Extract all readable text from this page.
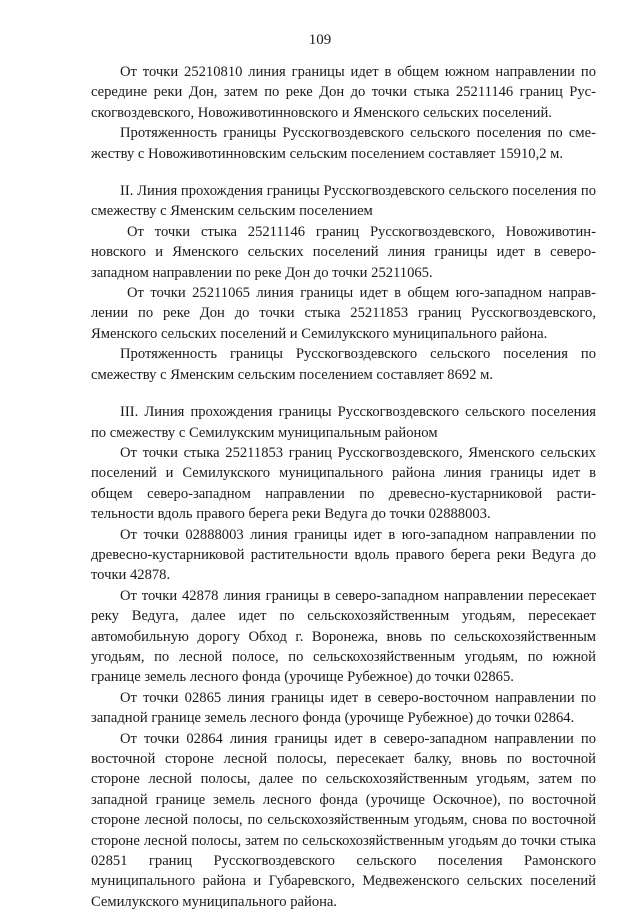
109

От точки 25210810 линия границы идет в общем южном направлении по середине реки Дон, затем по реке Дон до точки стыка 25211146 границ Русскогвоздевского, Новоживотинновского и Яменского сельских поселений.

Протяженность границы Русскогвоздевского сельского поселения по смежеству с Новоживотинновским сельским поселением составляет 15910,2 м.

II. Линия прохождения границы Русскогвоздевского сельского поселения по смежеству с Яменским сельским поселением

От точки стыка 25211146 границ Русскогвоздевского, Новоживотинновского и Яменского сельских поселений линия границы идет в северозападном направлении по реке Дон до точки 25211065.

От точки 25211065 линия границы идет в общем юго-западном направлении по реке Дон до точки стыка 25211853 границ Русскогвоздевского, Яменского сельских поселений и Семилукского муниципального района.

Протяженность границы Русскогвоздевского сельского поселения по смежеству с Яменским сельским поселением составляет 8692 м.

III. Линия прохождения границы Русскогвоздевского сельского поселения по смежеству с Семилукским муниципальным районом

От точки стыка 25211853 границ Русскогвоздевского, Яменского сельских поселений и Семилукского муниципального района линия границы идет в общем северо-западном направлении по древесно-кустарниковой растительности вдоль правого берега реки Ведуга до точки 02888003.

От точки 02888003 линия границы идет в юго-западном направлении по древесно-кустарниковой растительности вдоль правого берега реки Ведуга до точки 42878.

От точки 42878 линия границы в северо-западном направлении пересекает реку Ведуга, далее идет по сельскохозяйственным угодьям, пересекает автомобильную дорогу Обход г. Воронежа, вновь по сельскохозяйственным угодьям, по лесной полосе, по сельскохозяйственным угодьям, по южной границе земель лесного фонда (урочище Рубежное) до точки 02865.

От точки 02865 линия границы идет в северо-восточном направлении по западной границе земель лесного фонда (урочище Рубежное) до точки 02864.

От точки 02864 линия границы идет в северо-западном направлении по восточной стороне лесной полосы, пересекает балку, вновь по восточной стороне лесной полосы, далее по сельскохозяйственным угодьям, затем по западной границе земель лесного фонда (урочище Оскочное), по восточной стороне лесной полосы, по сельскохозяйственным угодьям, снова по восточной стороне лесной полосы, затем по сельскохозяйственным угодьям до точки стыка 02851 границ Русскогвоздевского сельского поселения Рамонского муниципального района и Губаревского, Медвеженского сельских поселений Семилукского муниципального района.
